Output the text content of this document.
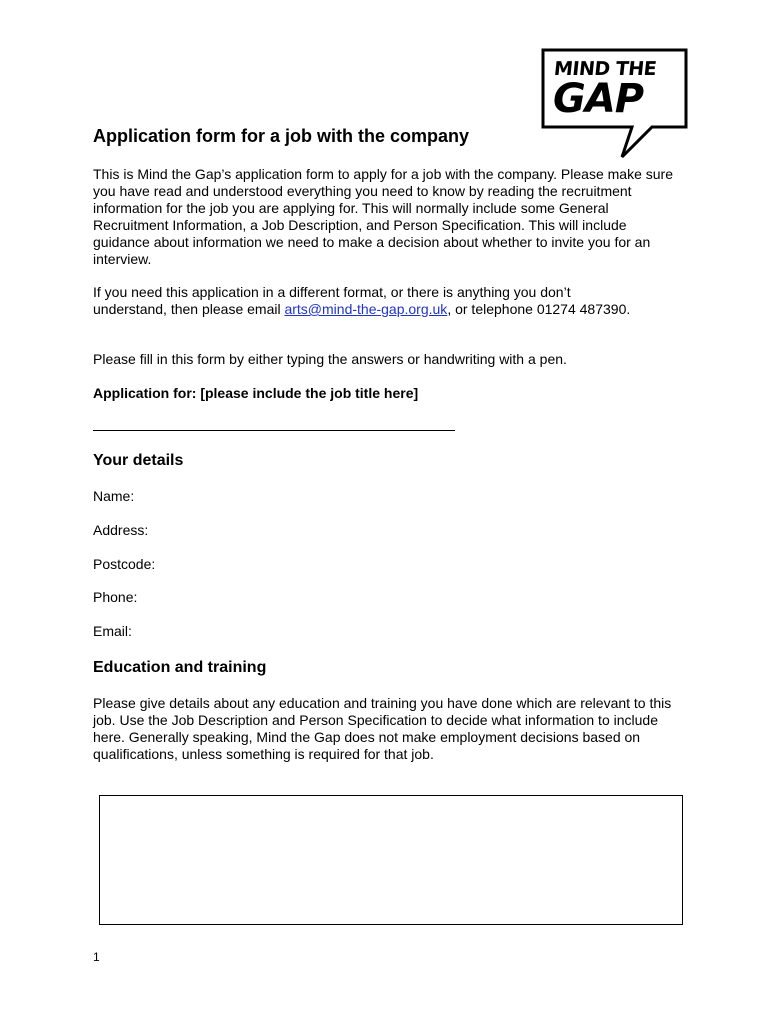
MIND THE
GAP
Application form for a job with the company

This is Mind the Gap’s application form to apply for a job with the company. Please make sure you have read and understood everything you need to know by reading the recruitment information for the job you are applying for. This will normally include some General Recruitment Information, a Job Description, and Person Specification. This will include guidance about information we need to make a decision about whether to invite you for an interview.

If you need this application in a different format, or there is anything you don’t understand, then please email arts@mind-the-gap.org.uk, or telephone 01274 487390.

Please fill in this form by either typing the answers or handwriting with a pen.

Application for: [please include the job title here]

Your details

Name:

Address:

Postcode:

Phone:

Email:

Education and training

Please give details about any education and training you have done which are relevant to this job. Use the Job Description and Person Specification to decide what information to include here. Generally speaking, Mind the Gap does not make employment decisions based on qualifications, unless something is required for that job.

1
